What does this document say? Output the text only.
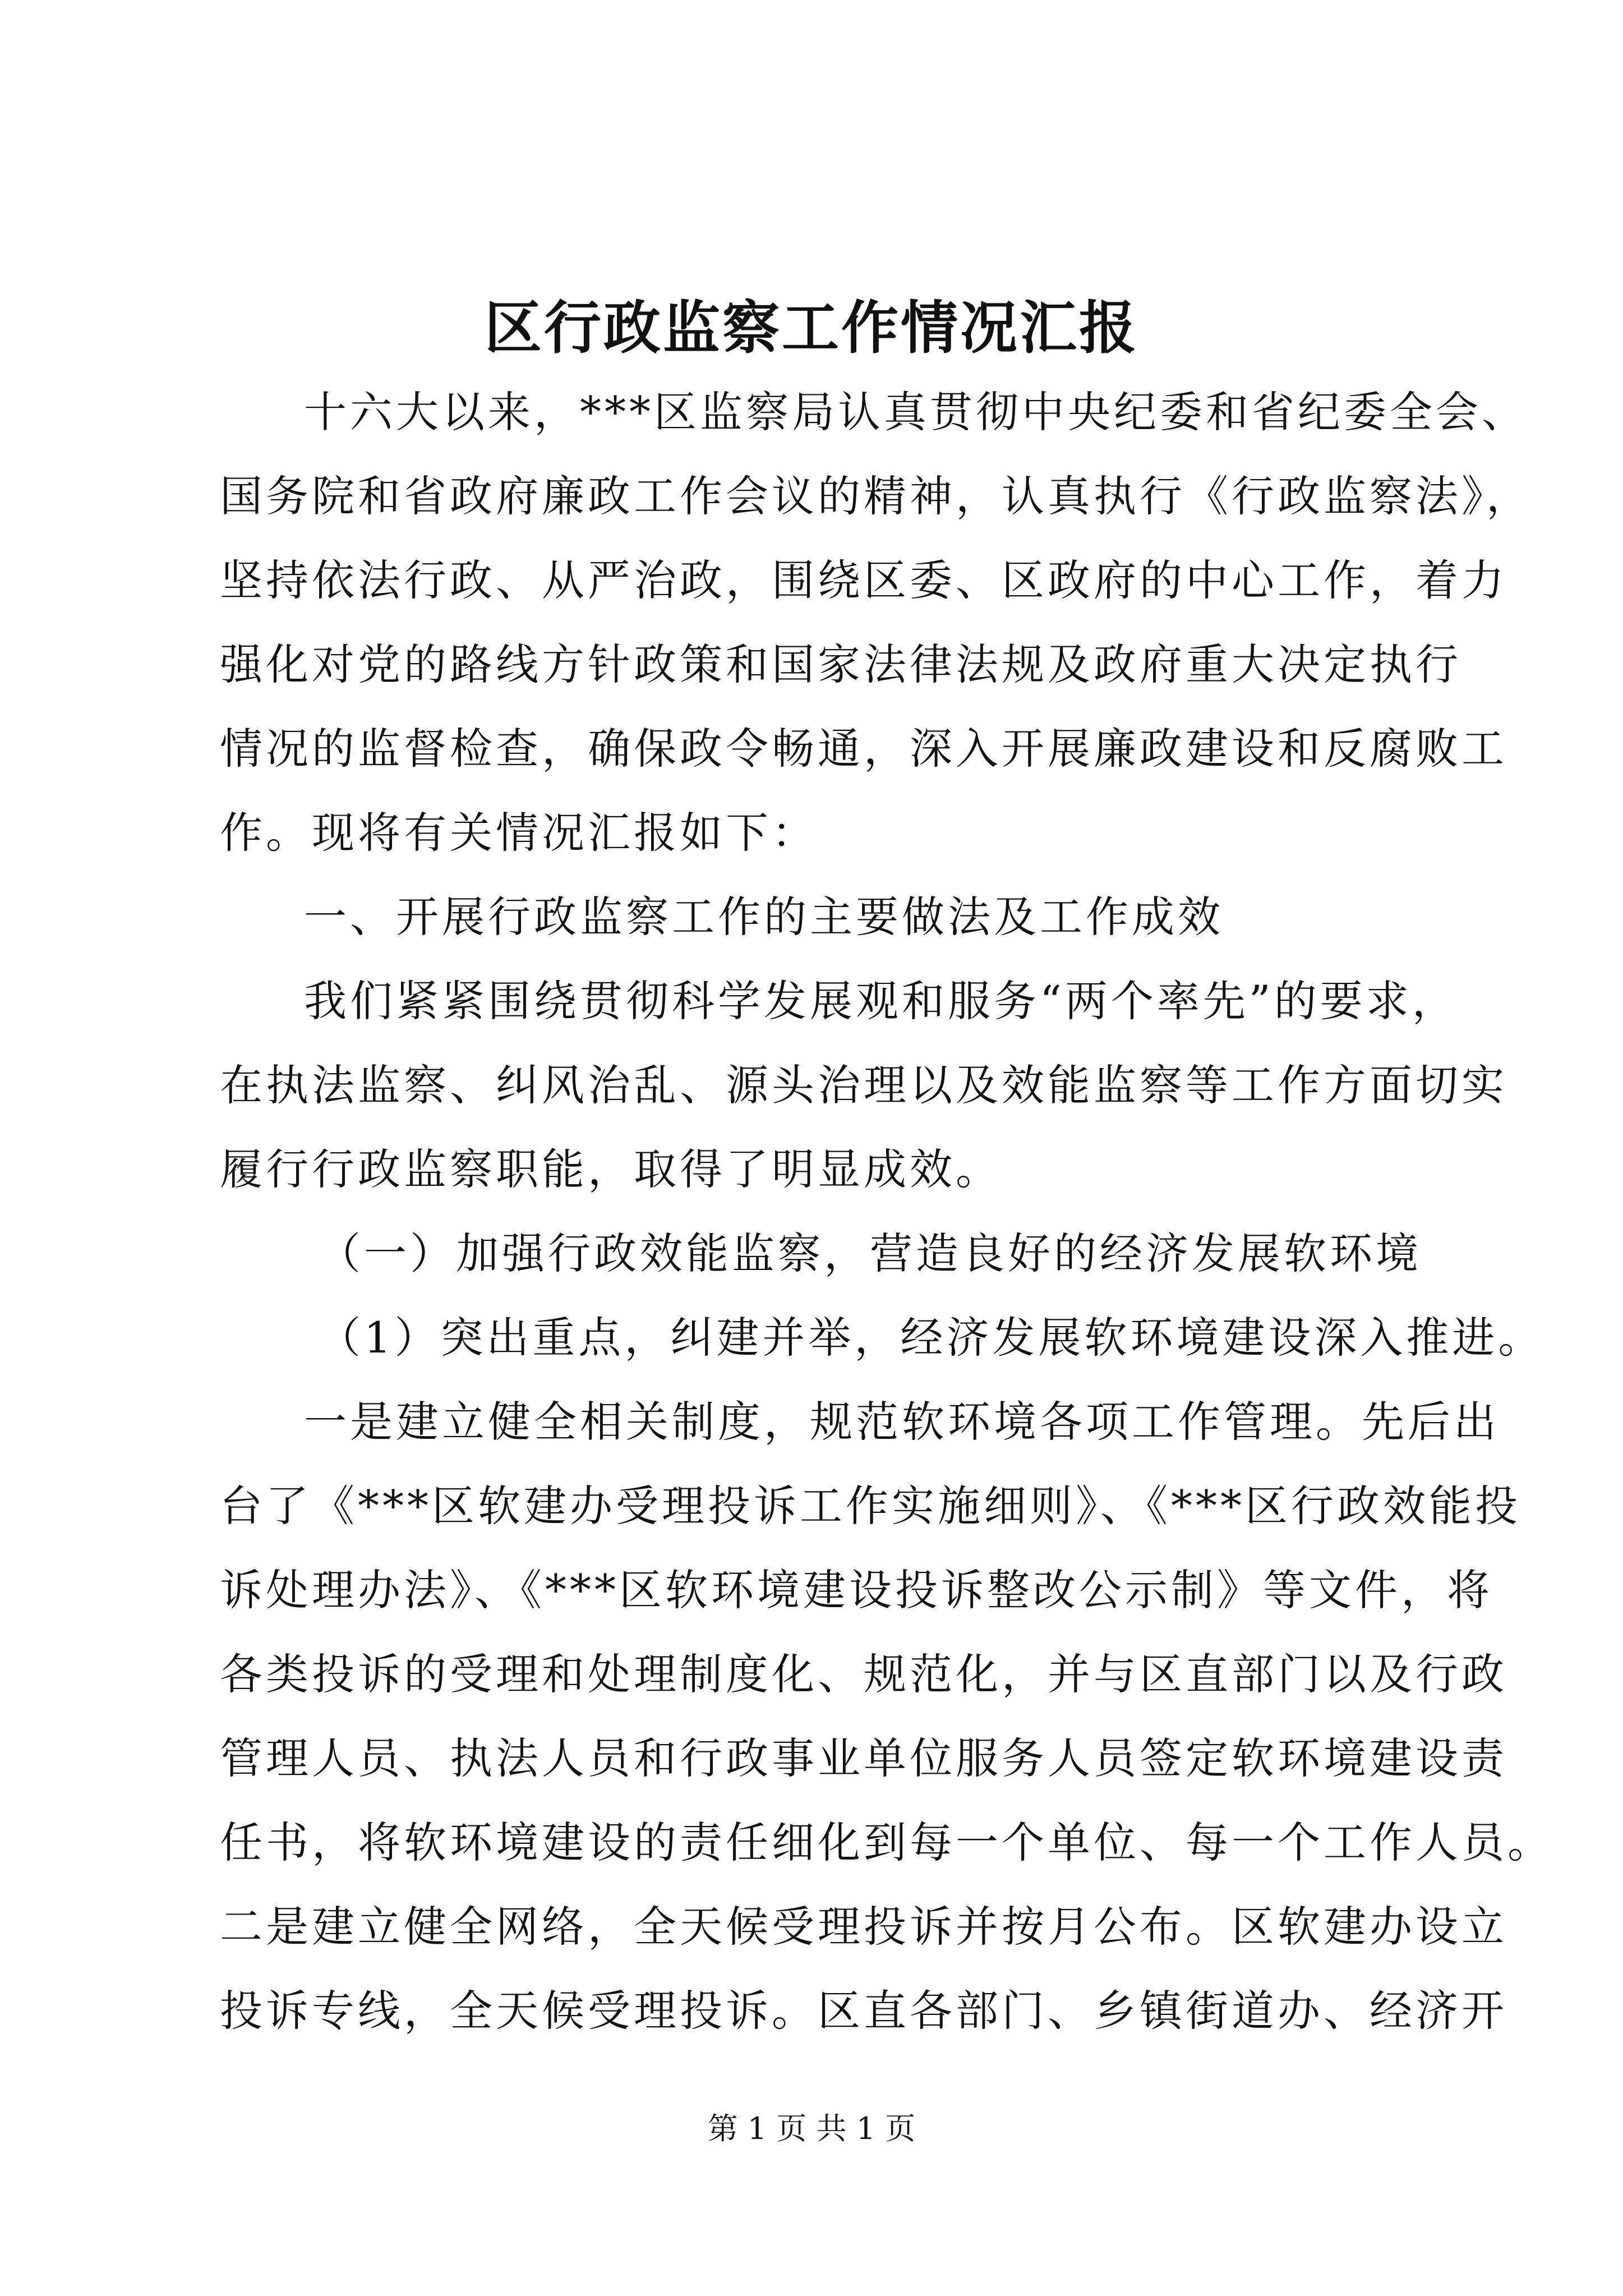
区行政监察工作情况汇报
十六大以来，***区监察局认真贯彻中央纪委和省纪委全会、
国务院和省政府廉政工作会议的精神，认真执行《行政监察法》，
坚持依法行政、从严治政，围绕区委、区政府的中心工作，着力
强化对党的路线方针政策和国家法律法规及政府重大决定执行
情况的监督检查，确保政令畅通，深入开展廉政建设和反腐败工
作。现将有关情况汇报如下：
一、开展行政监察工作的主要做法及工作成效
我们紧紧围绕贯彻科学发展观和服务“两个率先”的要求，
在执法监察、纠风治乱、源头治理以及效能监察等工作方面切实
履行行政监察职能，取得了明显成效。
（一）加强行政效能监察，营造良好的经济发展软环境
（1）突出重点，纠建并举，经济发展软环境建设深入推进。
一是建立健全相关制度，规范软环境各项工作管理。先后出
台了《***区软建办受理投诉工作实施细则》、《***区行政效能投
诉处理办法》、《***区软环境建设投诉整改公示制》等文件，将
各类投诉的受理和处理制度化、规范化，并与区直部门以及行政
管理人员、执法人员和行政事业单位服务人员签定软环境建设责
任书，将软环境建设的责任细化到每一个单位、每一个工作人员。
二是建立健全网络，全天候受理投诉并按月公布。区软建办设立
投诉专线，全天候受理投诉。区直各部门、乡镇街道办、经济开
第 1 页 共 1 页
